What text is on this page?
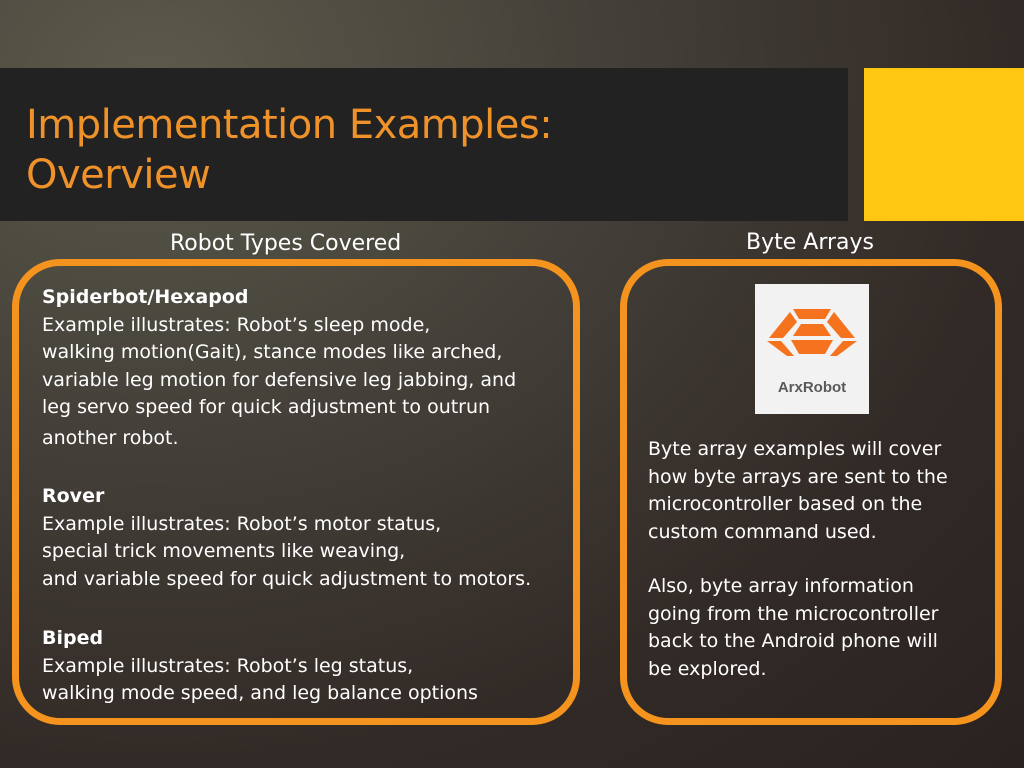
Implementation Examples:
Overview
Robot Types Covered
Spiderbot/Hexapod
Example illustrates: Robot’s sleep mode,
walking motion(Gait), stance modes like arched,
variable leg motion for defensive leg jabbing, and
leg servo speed for quick adjustment to outrun
another robot.
Rover
Example illustrates: Robot’s motor status,
special trick movements like weaving,
and variable speed for quick adjustment to motors.
Biped
Example illustrates: Robot’s leg status,
walking mode speed, and leg balance options
Byte Arrays
ArxRobot
Byte array examples will cover
how byte arrays are sent to the
microcontroller based on the
custom command used.
Also, byte array information
going from the microcontroller
back to the Android phone will
be explored.
